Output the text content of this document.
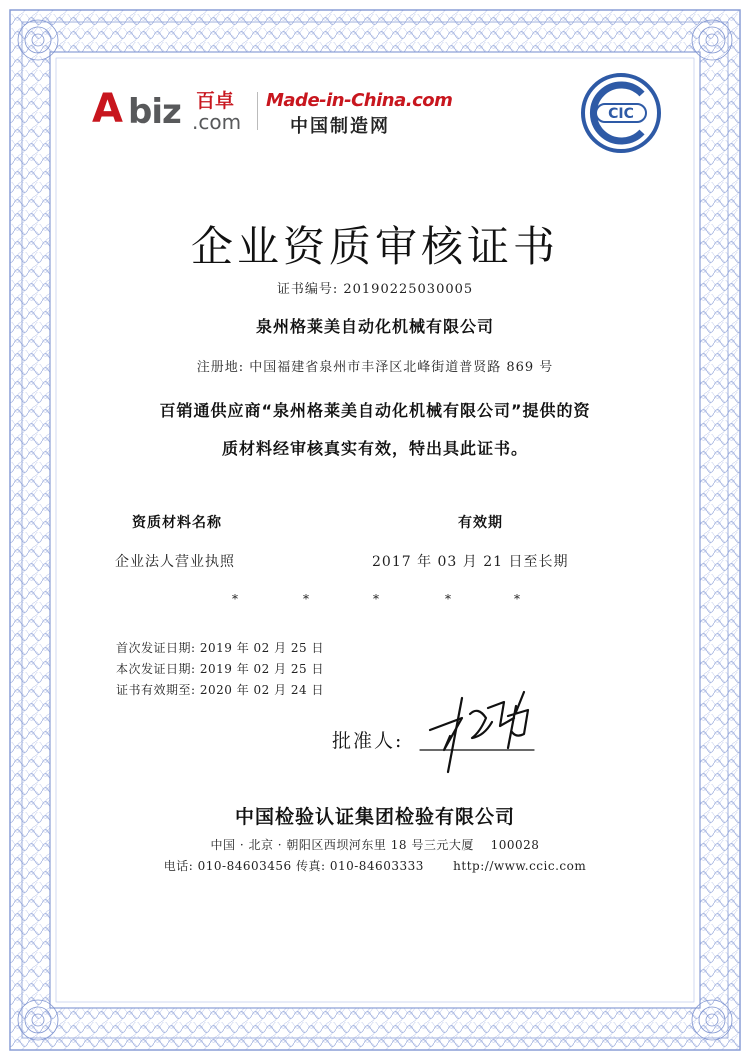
A biz 百卓
.com
Made-in-China.com
中国制造网
CIC
企业资质审核证书
证书编号: 20190225030005
泉州格莱美自动化机械有限公司
注册地: 中国福建省泉州市丰泽区北峰街道普贤路 869 号
百销通供应商“泉州格莱美自动化机械有限公司”提供的资
质材料经审核真实有效，特出具此证书。
资质材料名称	有效期
企业法人营业执照	2017 年 03 月 21 日至长期
*	*	*	*	*
首次发证日期: 2019 年 02 月 25 日
本次发证日期: 2019 年 02 月 25 日
证书有效期至: 2020 年 02 月 24 日
批准人:
中国检验认证集团检验有限公司
中国 · 北京 · 朝阳区西坝河东里 18 号三元大厦　 100028
电话: 010-84603456 传真: 010-84603333　　 http://www.ccic.com
